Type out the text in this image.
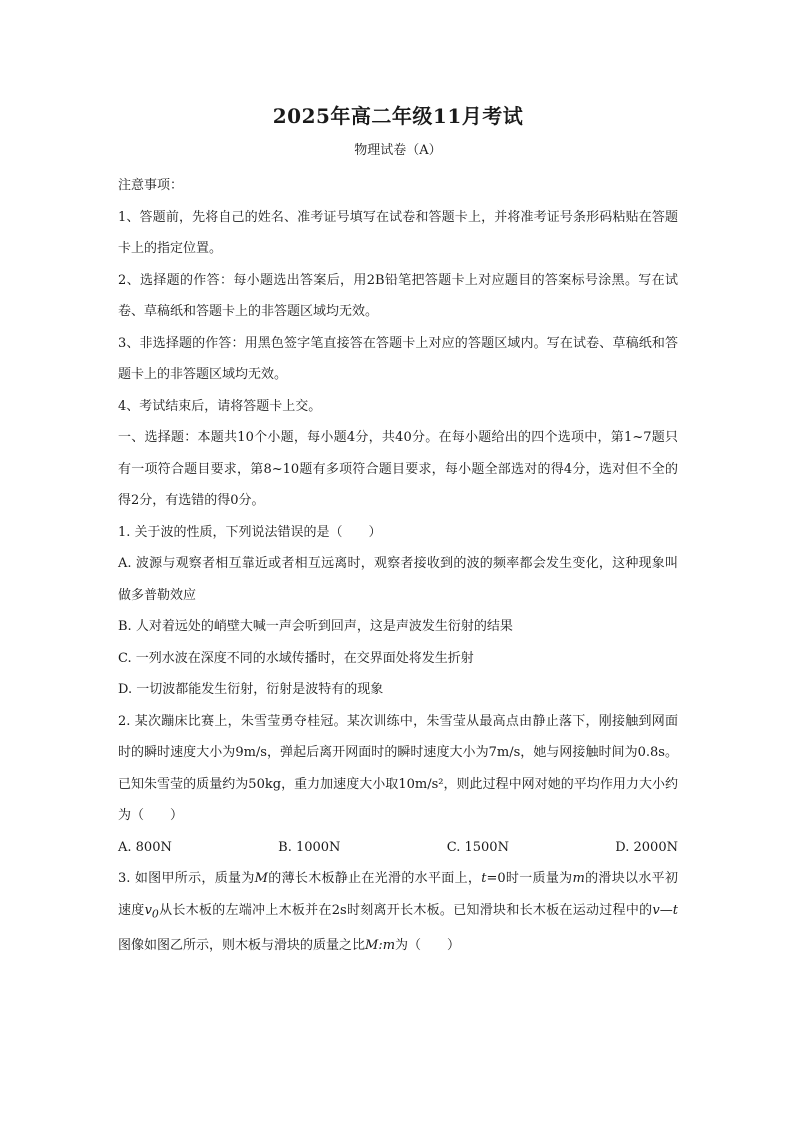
2025年高二年级11月考试
物理试卷（A）

注意事项：

1、答题前，先将自己的姓名、准考证号填写在试卷和答题卡上，并将准考证号条形码粘贴在答题卡上的指定位置。

2、选择题的作答：每小题选出答案后，用2B铅笔把答题卡上对应题目的答案标号涂黑。写在试卷、草稿纸和答题卡上的非答题区域均无效。

3、非选择题的作答：用黑色签字笔直接答在答题卡上对应的答题区域内。写在试卷、草稿纸和答题卡上的非答题区域均无效。

4、考试结束后，请将答题卡上交。

一、选择题：本题共10个小题，每小题4分，共40分。在每小题给出的四个选项中，第1~7题只有一项符合题目要求，第8~10题有多项符合题目要求，每小题全部选对的得4分，选对但不全的得2分，有选错的得0分。

1. 关于波的性质，下列说法错误的是（　　）

A. 波源与观察者相互靠近或者相互远离时，观察者接收到的波的频率都会发生变化，这种现象叫做多普勒效应

B. 人对着远处的峭壁大喊一声会听到回声，这是声波发生衍射的结果

C. 一列水波在深度不同的水域传播时，在交界面处将发生折射

D. 一切波都能发生衍射，衍射是波特有的现象

2. 某次蹦床比赛上，朱雪莹勇夺桂冠。某次训练中，朱雪莹从最高点由静止落下，刚接触到网面时的瞬时速度大小为9m/s，弹起后离开网面时的瞬时速度大小为7m/s，她与网接触时间为0.8s。已知朱雪莹的质量约为50kg，重力加速度大小取10m/s²，则此过程中网对她的平均作用力大小约为（　　）

A. 800N	B. 1000N	C. 1500N	D. 2000N

3. 如图甲所示，质量为M的薄长木板静止在光滑的水平面上，t=0时一质量为m的滑块以水平初速度$v_0$从长木板的左端冲上木板并在2s时刻离开长木板。已知滑块和长木板在运动过程中的v—t图像如图乙所示，则木板与滑块的质量之比M:m为（　　）
